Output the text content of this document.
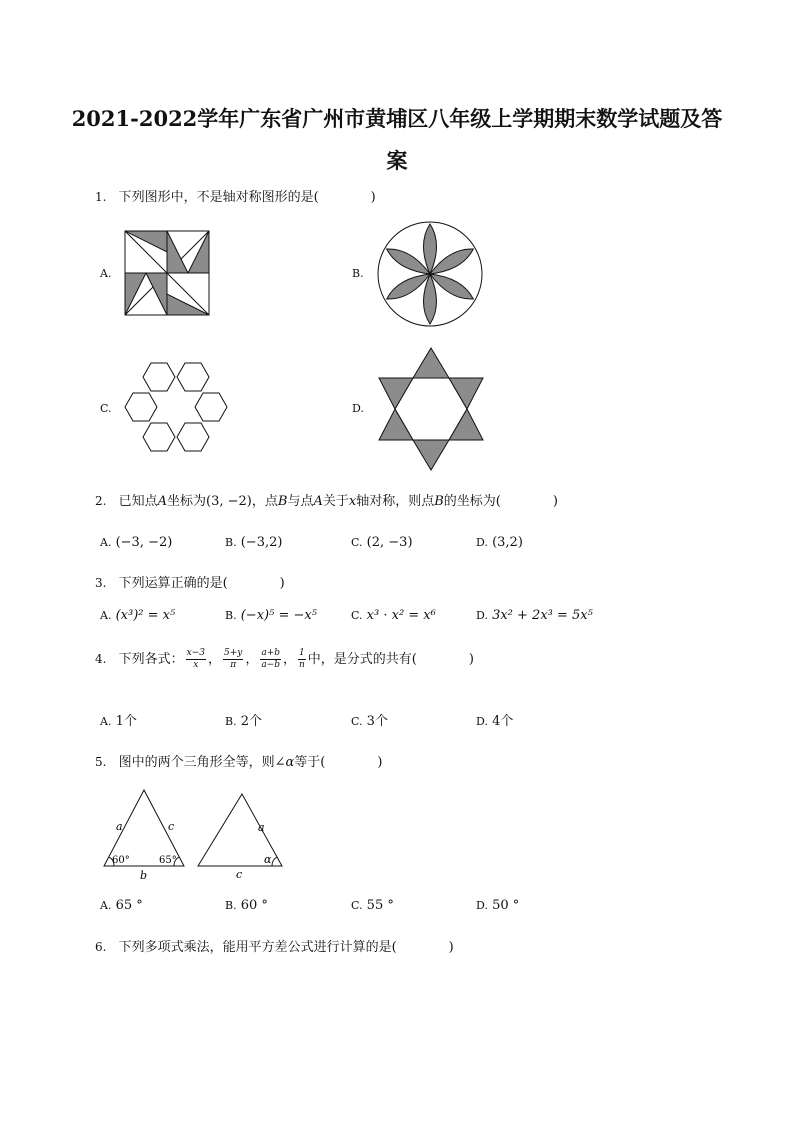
2021-2022学年广东省广州市黄埔区八年级上学期期末数学试题及答
案
1. 下列图形中，不是轴对称图形的是(　　　　)
A.	B.
C.	D.
2. 已知点A坐标为(3, −2)，点B与点A关于x轴对称，则点B的坐标为(　　　　)
A. (−3, −2)	B. (−3,2)	C. (2, −3)	D. (3,2)
3. 下列运算正确的是(　　　　)
A. (x³)² = x⁵	B. (−x)⁵ = −x⁵	C. x³ · x² = x⁶	D. 3x² + 2x³ = 5x⁵
4. 下列各式： $\frac{x-3}{x}$ ， $\frac{5+y}{\pi}$ ， $\frac{a+b}{a-b}$ ， $\frac{1}{n}$ 中，是分式的共有(　　　　)
A. 1个	B. 2个	C. 3个	D. 4个
5. 图中的两个三角形全等，则∠α等于(　　　　)
a	c
b
60°	65°
a
c
α
A. 65 °	B. 60 °	C. 55 °	D. 50 °
6. 下列多项式乘法，能用平方差公式进行计算的是(　　　　)
